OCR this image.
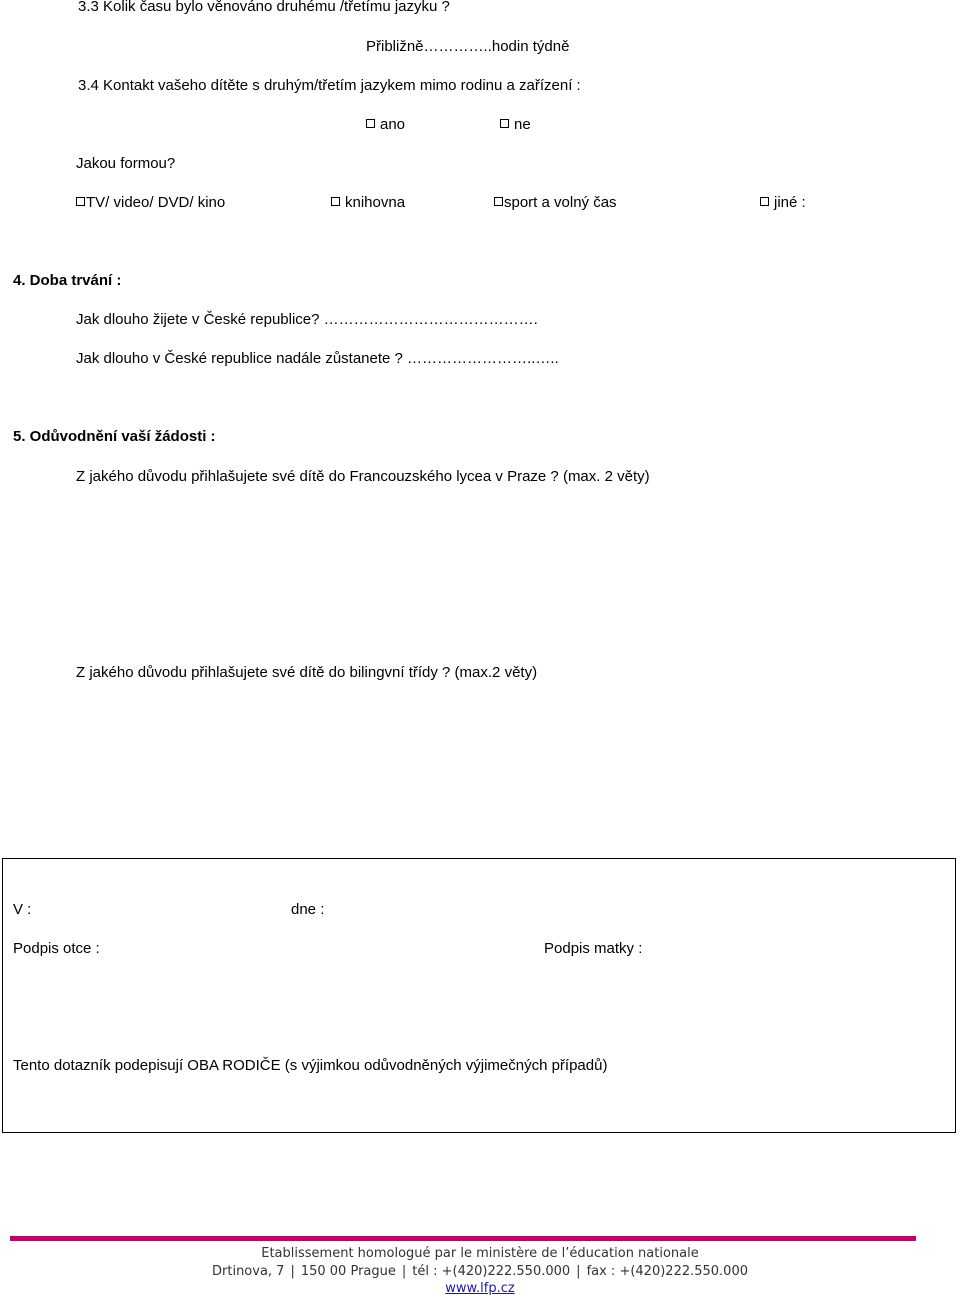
3.3 Kolik času bylo věnováno druhému /třetímu jazyku ?
Přibližně…………..hodin týdně
3.4 Kontakt vašeho dítěte s druhým/třetím jazykem mimo rodinu a zařízení :
ano	ne
Jakou formou?
TV/ video/ DVD/ kino	knihovna	sport a volný čas	jiné :
4. Doba trvání :
Jak dlouho žijete v České republice? …………………………………….
Jak dlouho v České republice nadále zůstanete ? ……………………..…..
5. Odůvodnění vaší žádosti :
Z jakého důvodu přihlašujete své dítě do Francouzského lycea v Praze ? (max. 2 věty)
Z jakého důvodu přihlašujete své dítě do bilingvní třídy ? (max.2 věty)
V :	dne :
Podpis otce :	Podpis matky :
Tento dotazník podepisují OBA RODIČE (s výjimkou odůvodněných výjimečných případů)
Etablissement homologué par le ministère de l’éducation nationale
Drtinova, 7 | 150 00 Prague | tél : +(420)222.550.000 | fax : +(420)222.550.000
www.lfp.cz
